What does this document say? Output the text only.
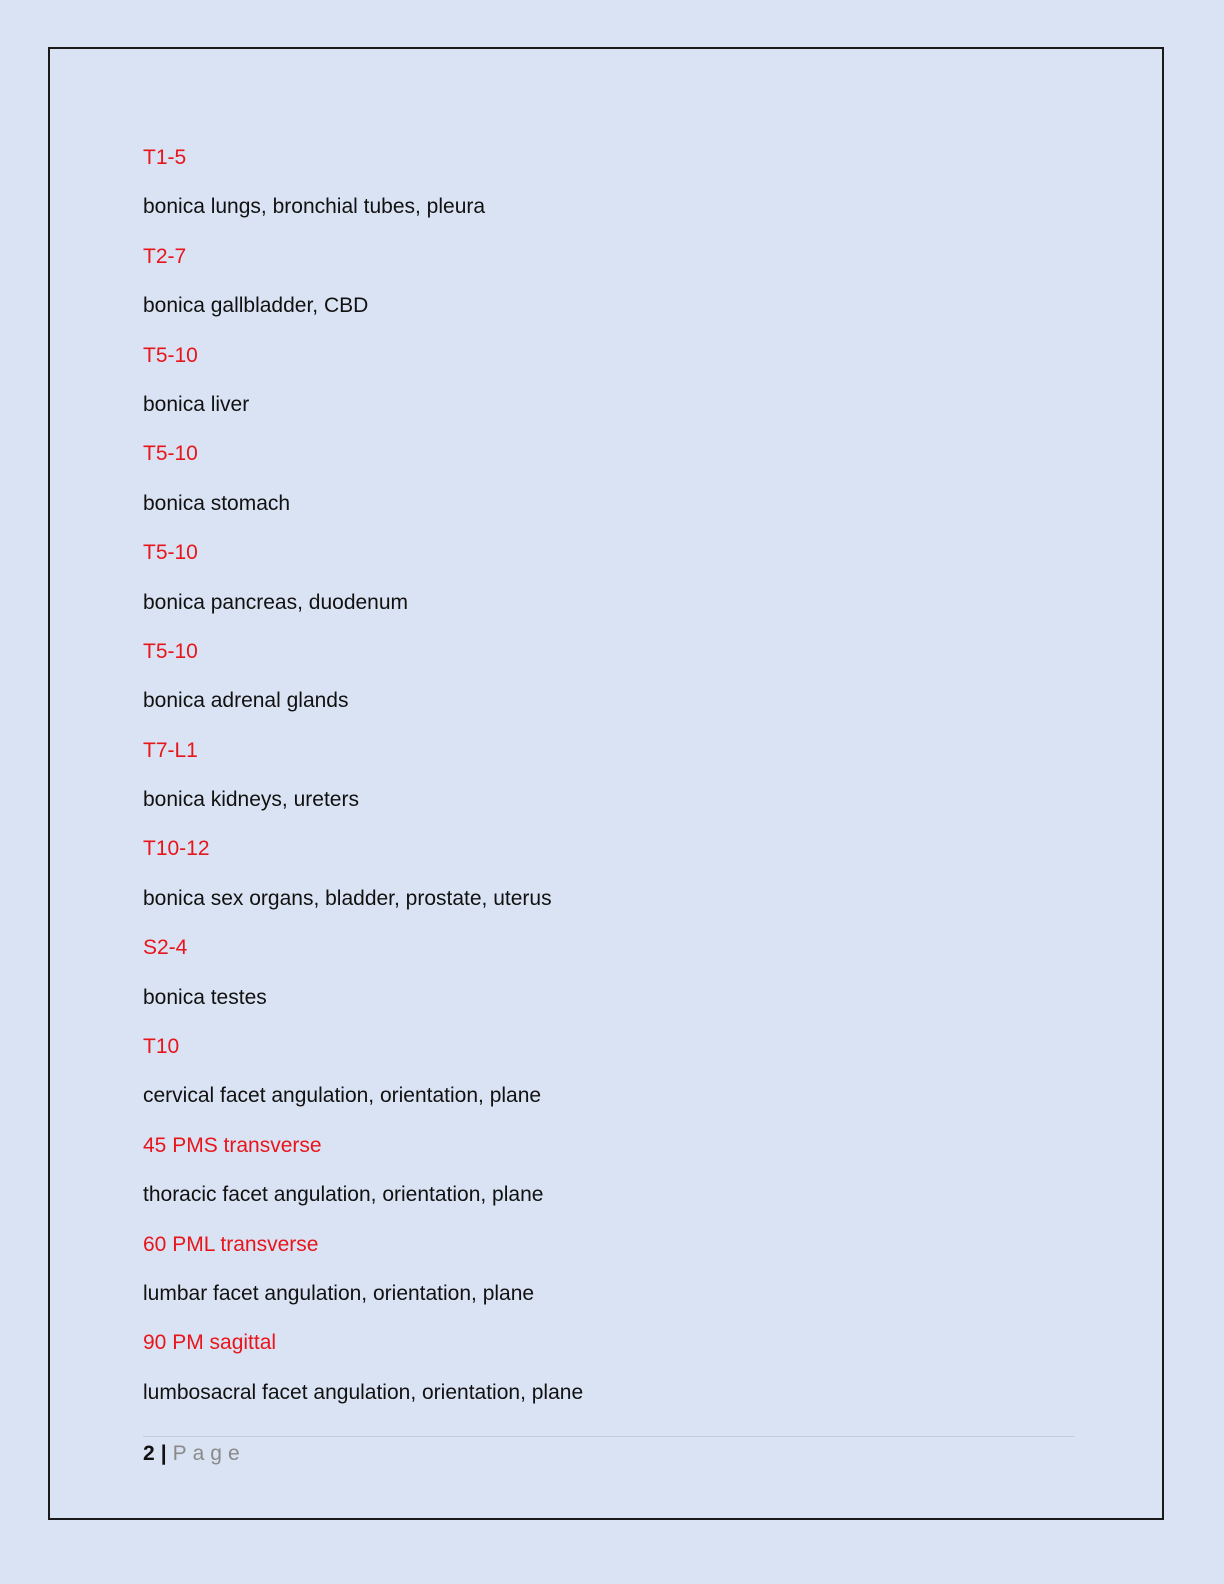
T1-5
bonica lungs, bronchial tubes, pleura
T2-7
bonica gallbladder, CBD
T5-10
bonica liver
T5-10
bonica stomach
T5-10
bonica pancreas, duodenum
T5-10
bonica adrenal glands
T7-L1
bonica kidneys, ureters
T10-12
bonica sex organs, bladder, prostate, uterus
S2-4
bonica testes
T10
cervical facet angulation, orientation, plane
45 PMS transverse
thoracic facet angulation, orientation, plane
60 PML transverse
lumbar facet angulation, orientation, plane
90 PM sagittal
lumbosacral facet angulation, orientation, plane
2 | Page
